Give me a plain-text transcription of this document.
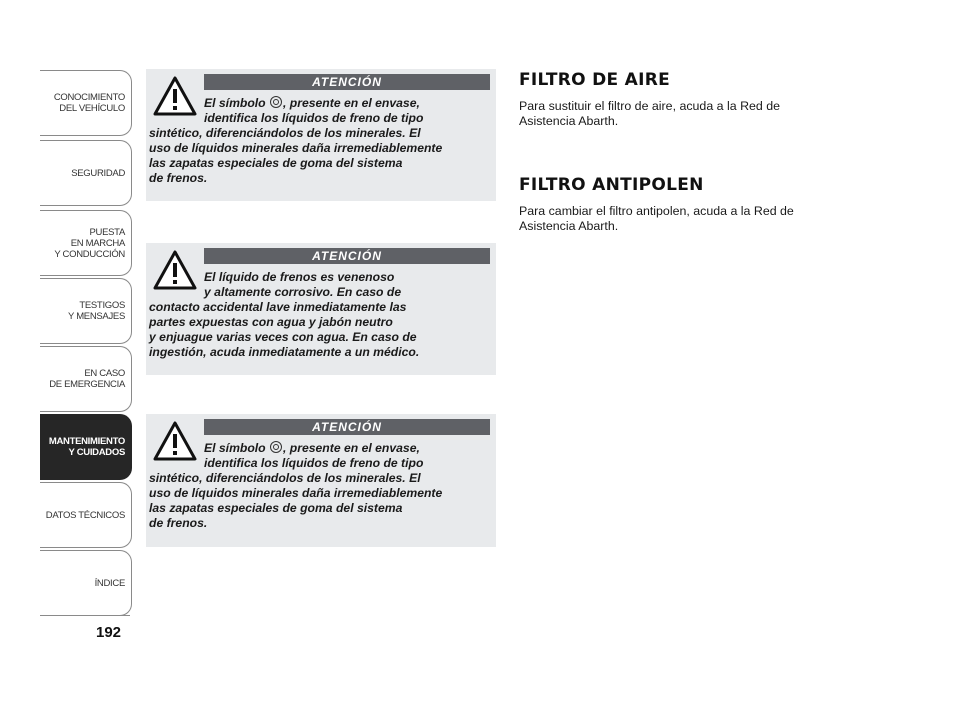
CONOCIMIENTO
DEL VEHÍCULO
SEGURIDAD
PUESTA
EN MARCHA
Y CONDUCCIÓN
TESTIGOS
Y MENSAJES
EN CASO
DE EMERGENCIA
MANTENIMIENTO
Y CUIDADOS
DATOS TÉCNICOS
ÍNDICE
192
ATENCIÓN
El símbolo , presente en el envase,
identifica los líquidos de freno de tipo
sintético, diferenciándolos de los minerales. El
uso de líquidos minerales daña irremediablemente
las zapatas especiales de goma del sistema
de frenos.
ATENCIÓN
El líquido de frenos es venenoso
y altamente corrosivo. En caso de
contacto accidental lave inmediatamente las
partes expuestas con agua y jabón neutro
y enjuague varias veces con agua. En caso de
ingestión, acuda inmediatamente a un médico.
ATENCIÓN
El símbolo , presente en el envase,
identifica los líquidos de freno de tipo
sintético, diferenciándolos de los minerales. El
uso de líquidos minerales daña irremediablemente
las zapatas especiales de goma del sistema
de frenos.
FILTRO DE AIRE

Para sustituir el filtro de aire, acuda a la Red de
Asistencia Abarth.

FILTRO ANTIPOLEN

Para cambiar el filtro antipolen, acuda a la Red de
Asistencia Abarth.
